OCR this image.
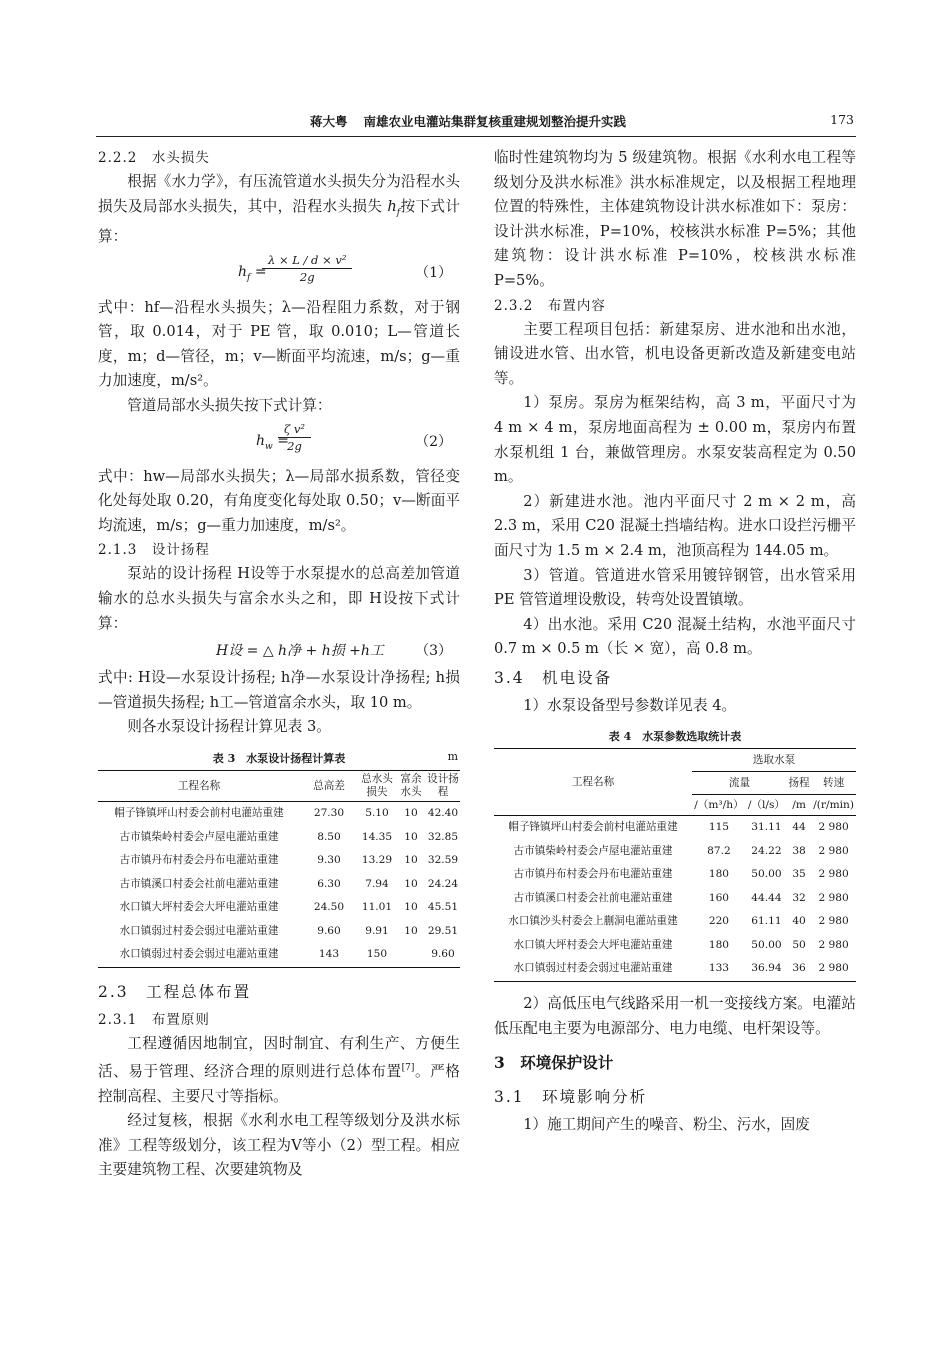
蒋大粤 南雄农业电灌站集群复核重建规划整治提升实践	173

2.2.2　水头损失

根据《水力学》，有压流管道水头损失分为沿程水头损失及局部水头损失，其中，沿程水头损失 $h_f$按下式计算：

$h_f$ =
$\frac{\text{λ × L / d × v²}}{2g}$	（1）

式中：hf—沿程水头损失；λ—沿程阻力系数，对于钢管，取 0.014，对于 PE 管，取 0.010；L—管道长度，m；d—管径，m；v—断面平均流速，m/s；g—重力加速度，m/s²。

管道局部水头损失按下式计算：

$h_w$ =
$\frac{\text{ζ v²}}{2g}$	（2）

式中：hw—局部水头损失；λ—局部水损系数，管径变化处每处取 0.20，有角度变化每处取 0.50；v—断面平均流速，m/s；g—重力加速度，m/s²。

2.1.3　设计扬程

泵站的设计扬程 H设等于水泵提水的总高差加管道输水的总水头损失与富余水头之和，即 H设按下式计算：

H设 = △ h净 + h损 +h工 （3）

式中: H设—水泵设计扬程; h净—水泵设计净扬程; h损—管道损失扬程; h工—管道富余水头，取 10 m。

则各水泵设计扬程计算见表 3。

表 3　水泵设计扬程计算表	m
工程名称	总高差	总水头损失	富余水头	设计扬程
帽子锋镇坪山村委会前村电灌站重建	27.30	5.10	10	42.40
古市镇柴岭村委会卢屋电灌站重建	8.50	14.35	10	32.85
古市镇丹布村委会丹布电灌站重建	9.30	13.29	10	32.59
古市镇溪口村委会社前电灌站重建	6.30	7.94	10	24.24
水口镇大坪村委会大坪电灌站重建	24.50	11.01	10	45.51
水口镇弱过村委会弱过电灌站重建	9.60	9.91	10	29.51
水口镇弱过村委会弱过电灌站重建	143	150		9.60

2.3　工程总体布置

2.3.1　布置原则

工程遵循因地制宜，因时制宜、有利生产、方便生活、易于管理、经济合理的原则进行总体布置[7]。严格控制高程、主要尺寸等指标。

经过复核，根据《水利水电工程等级划分及洪水标准》工程等级划分，该工程为Ⅴ等小（2）型工程。相应主要建筑物工程、次要建筑物及

临时性建筑物均为 5 级建筑物。根据《水利水电工程等级划分及洪水标准》洪水标准规定，以及根据工程地理位置的特殊性，主体建筑物设计洪水标准如下：泵房：设计洪水标准，P=10%，校核洪水标准 P=5%；其他建筑物：设计洪水标准 P=10%，校核洪水标准 P=5%。

2.3.2　布置内容

主要工程项目包括：新建泵房、进水池和出水池，铺设进水管、出水管，机电设备更新改造及新建变电站等。

1）泵房。泵房为框架结构，高 3 m，平面尺寸为 4 m × 4 m，泵房地面高程为 ± 0.00 m，泵房内布置水泵机组 1 台，兼做管理房。水泵安装高程定为 0.50 m。

2）新建进水池。池内平面尺寸 2 m × 2 m，高 2.3 m，采用 C20 混凝土挡墙结构。进水口设拦污栅平面尺寸为 1.5 m × 2.4 m，池顶高程为 144.05 m。

3）管道。管道进水管采用镀锌钢管，出水管采用 PE 管管道埋设敷设，转弯处设置镇墩。

4）出水池。采用 C20 混凝土结构，水池平面尺寸 0.7 m × 0.5 m（长 × 宽），高 0.8 m。

3.4　机电设备

1）水泵设备型号参数详见表 4。

表 4　水泵参数选取统计表
工程名称	选取水泵			
	流量		扬程	转速
	/（m³/h）	/（l/s）	/m	/(r/min)
帽子锋镇坪山村委会前村电灌站重建	115	31.11	44	2 980
古市镇柴岭村委会卢屋电灌站重建	87.2	24.22	38	2 980
古市镇丹布村委会丹布电灌站重建	180	50.00	35	2 980
古市镇溪口村委会社前电灌站重建	160	44.44	32	2 980
水口镇沙头村委会上蒯洞电灌站重建	220	61.11	40	2 980
水口镇大坪村委会大坪电灌站重建	180	50.00	50	2 980
水口镇弱过村委会弱过电灌站重建	133	36.94	36	2 980

2）高低压电气线路采用一机一变接线方案。电灌站低压配电主要为电源部分、电力电缆、电杆架设等。

3　环境保护设计

3.1　环境影响分析

1）施工期间产生的噪音、粉尘、污水，固废
